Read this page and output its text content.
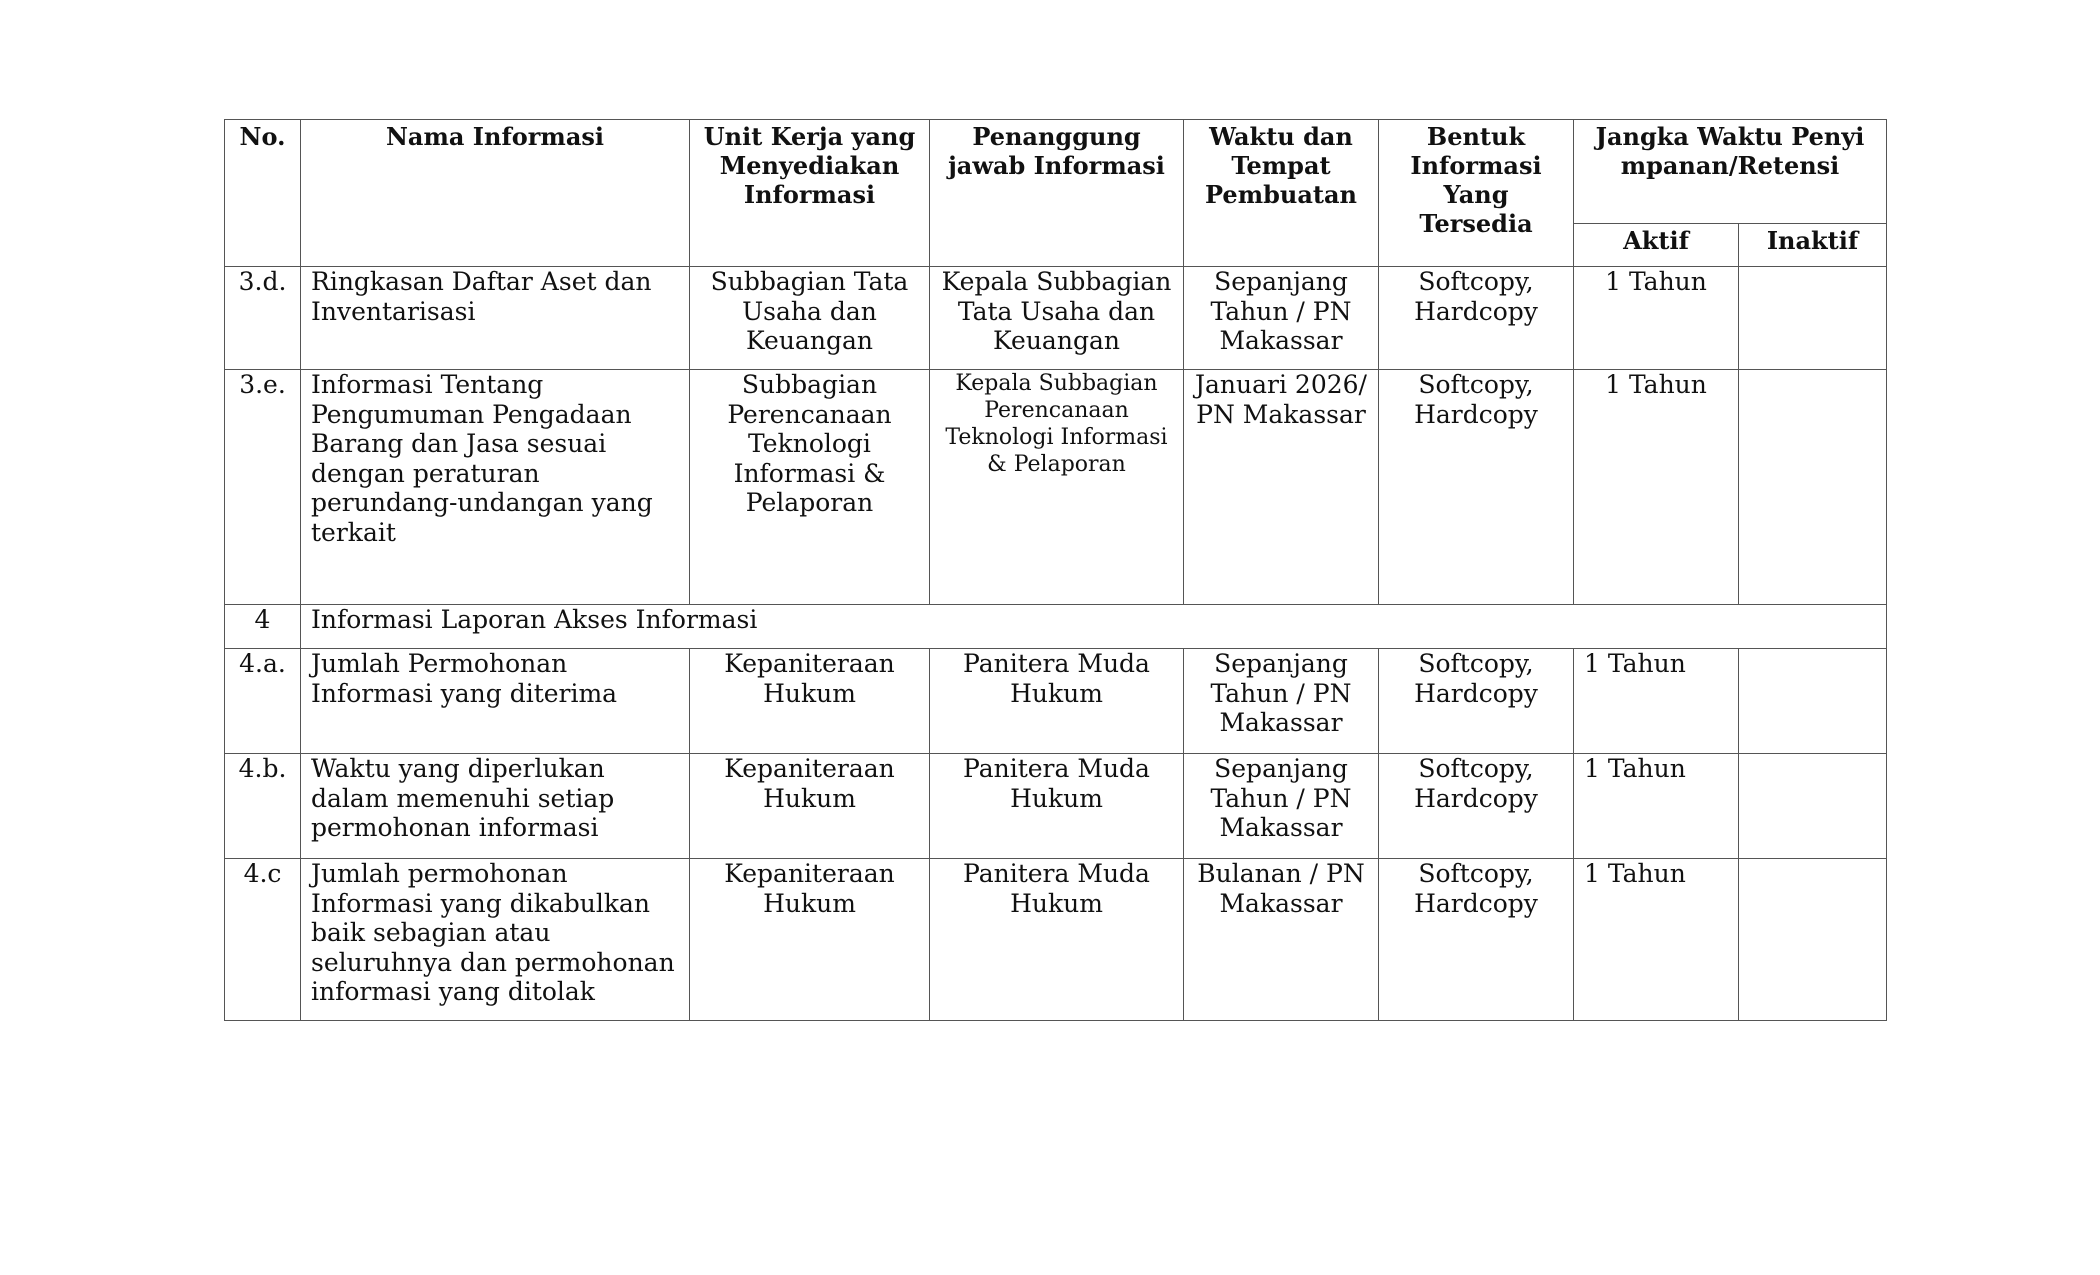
No.	Nama Informasi	Unit Kerja yang Menyediakan Informasi	Penanggung jawab Informasi	Waktu dan Tempat Pembuatan	Bentuk Informasi Yang Tersedia	Jangka Waktu Penyimpanan/Retensi	
						Aktif	Inaktif
3.d.	Ringkasan Daftar Aset dan Inventarisasi	Subbagian Tata Usaha dan Keuangan	Kepala Subbagian Tata Usaha dan Keuangan	Sepanjang Tahun / PN Makassar	Softcopy, Hardcopy	1 Tahun	
3.e.	Informasi Tentang Pengumuman Pengadaan Barang dan Jasa sesuai dengan peraturan perundang-undangan yang terkait	Subbagian Perencanaan Teknologi Informasi & Pelaporan	Kepala Subbagian Perencanaan Teknologi Informasi & Pelaporan	Januari 2026/ PN Makassar	Softcopy, Hardcopy	1 Tahun	
4	Informasi Laporan Akses Informasi						
4.a.	Jumlah Permohonan Informasi yang diterima	Kepaniteraan Hukum	Panitera Muda Hukum	Sepanjang Tahun / PN Makassar	Softcopy, Hardcopy	1 Tahun	
4.b.	Waktu yang diperlukan dalam memenuhi setiap permohonan informasi	Kepaniteraan Hukum	Panitera Muda Hukum	Sepanjang Tahun / PN Makassar	Softcopy, Hardcopy	1 Tahun	
4.c	Jumlah permohonan Informasi yang dikabulkan baik sebagian atau seluruhnya dan permohonan informasi yang ditolak	Kepaniteraan Hukum	Panitera Muda Hukum	Bulanan / PN Makassar	Softcopy, Hardcopy	1 Tahun	
